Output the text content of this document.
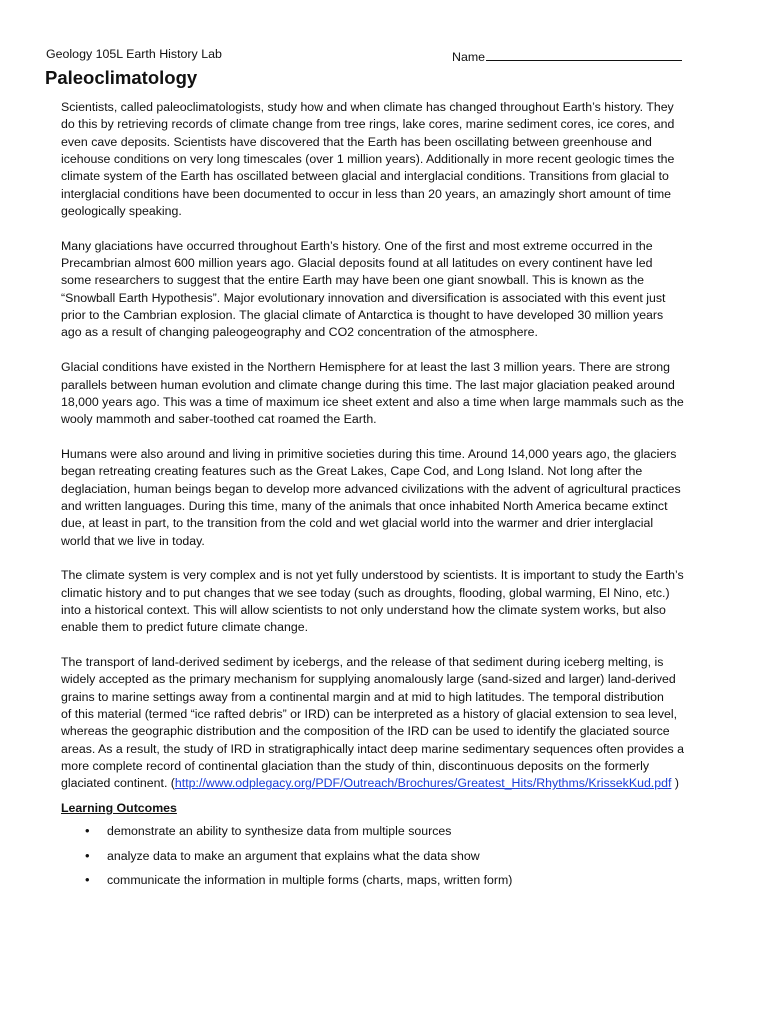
Geology 105L Earth History Lab	Name
Paleoclimatology

Scientists, called paleoclimatologists, study how and when climate has changed throughout Earth’s history. They
do this by retrieving records of climate change from tree rings, lake cores, marine sediment cores, ice cores, and
even cave deposits. Scientists have discovered that the Earth has been oscillating between greenhouse and
icehouse conditions on very long timescales (over 1 million years). Additionally in more recent geologic times the
climate system of the Earth has oscillated between glacial and interglacial conditions. Transitions from glacial to
interglacial conditions have been documented to occur in less than 20 years, an amazingly short amount of time
geologically speaking.

Many glaciations have occurred throughout Earth’s history. One of the first and most extreme occurred in the
Precambrian almost 600 million years ago. Glacial deposits found at all latitudes on every continent have led
some researchers to suggest that the entire Earth may have been one giant snowball. This is known as the
“Snowball Earth Hypothesis”. Major evolutionary innovation and diversification is associated with this event just
prior to the Cambrian explosion. The glacial climate of Antarctica is thought to have developed 30 million years
ago as a result of changing paleogeography and CO2 concentration of the atmosphere.

Glacial conditions have existed in the Northern Hemisphere for at least the last 3 million years. There are strong
parallels between human evolution and climate change during this time. The last major glaciation peaked around
18,000 years ago. This was a time of maximum ice sheet extent and also a time when large mammals such as the
wooly mammoth and saber-toothed cat roamed the Earth.

Humans were also around and living in primitive societies during this time. Around 14,000 years ago, the glaciers
began retreating creating features such as the Great Lakes, Cape Cod, and Long Island. Not long after the
deglaciation, human beings began to develop more advanced civilizations with the advent of agricultural practices
and written languages. During this time, many of the animals that once inhabited North America became extinct
due, at least in part, to the transition from the cold and wet glacial world into the warmer and drier interglacial
world that we live in today.

The climate system is very complex and is not yet fully understood by scientists. It is important to study the Earth’s
climatic history and to put changes that we see today (such as droughts, flooding, global warming, El Nino, etc.)
into a historical context. This will allow scientists to not only understand how the climate system works, but also
enable them to predict future climate change.

The transport of land-derived sediment by icebergs, and the release of that sediment during iceberg melting, is
widely accepted as the primary mechanism for supplying anomalously large (sand-sized and larger) land-derived
grains to marine settings away from a continental margin and at mid to high latitudes. The temporal distribution
of this material (termed “ice rafted debris” or IRD) can be interpreted as a history of glacial extension to sea level,
whereas the geographic distribution and the composition of the IRD can be used to identify the glaciated source
areas. As a result, the study of IRD in stratigraphically intact deep marine sedimentary sequences often provides a
more complete record of continental glaciation than the study of thin, discontinuous deposits on the formerly
glaciated continent. (http://www.odplegacy.org/PDF/Outreach/Brochures/Greatest_Hits/Rhythms/KrissekKud.pdf )

Learning Outcomes
• demonstrate an ability to synthesize data from multiple sources
• analyze data to make an argument that explains what the data show
• communicate the information in multiple forms (charts, maps, written form)
